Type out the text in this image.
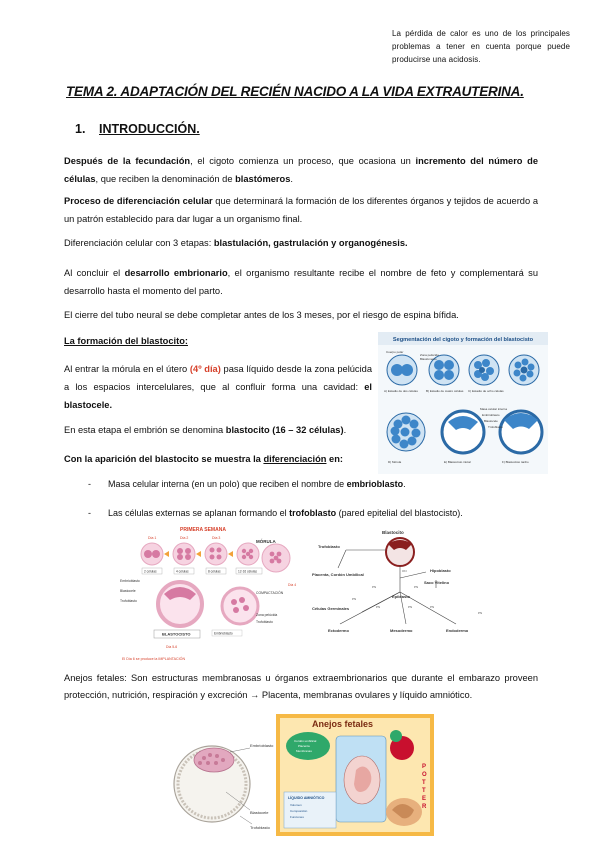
La pérdida de calor es uno de los principales problemas a tener en cuenta porque puede producirse una acidosis.
TEMA 2. ADAPTACIÓN DEL RECIÉN NACIDO A LA VIDA EXTRAUTERINA.
1. INTRODUCCIÓN.
Después de la fecundación, el cigoto comienza un proceso, que ocasiona un incremento del número de células, que reciben la denominación de blastómeros.
Proceso de diferenciación celular que determinará la formación de los diferentes órganos y tejidos de acuerdo a un patrón establecido para dar lugar a un organismo final.
Diferenciación celular con 3 etapas: blastulación, gastrulación y organogénesis.
Al concluir el desarrollo embrionario, el organismo resultante recibe el nombre de feto y complementará su desarrollo hasta el momento del parto.
El cierre del tubo neural se debe completar antes de los 3 meses, por el riesgo de espina bífida.
La formación del blastocito:
Al entrar la mórula en el útero (4º día) pasa líquido desde la zona pelúcida a los espacios intercelulares, que al confluir forma una cavidad: el blastocele.
En esta etapa el embrión se denomina blastocito (16 – 32 células).
Con la aparición del blastocito se muestra la diferenciación en:
- Masa celular interna (en un polo) que reciben el nombre de embrioblasto.
- Las células externas se aplanan formando el trofoblasto (pared epitelial del blastocisto).
Anejos fetales: Son estructuras membranosas u órganos extraembrionarios que durante el embarazo proveen protección, nutrición, respiración y excreción → Placenta, membranas ovulares y líquido amniótico.
Segmentación del cigoto y formación del blastocisto
Cuerpo polar
Zona pelúcida
Blastómeros
A) Estadio de dos células	B) Estadio de cuatro células C) Estadio de ocho células
Masa celular interna
Embrioblasto
Blastocele
Trofoblasto
D) Mórula	E) Blastocisto inicial	F) Blastocisto tardío
PRIMERA SEMANA
Día 1	Día 2	Día 3
MÓRULA
2 células	4 células	8 células	12-16 células
Embrioblasto
Blastocele
Trofoblasto
Día 4
COMPACTACIÓN
Zona pelúcida
Trofoblasto
BLASTOCISTO	Embrioblasto
Día 5-6
El Día 6 se produce la IMPLANTACIÓN
Blastocito
Trofoblasto
Placenta, Cordón Umbilical
Hipoblasto
Saco Vitelino
Epiblasto
Células Germinales
Ectodermo	Mesodermo	Endodermo
ON
PN	PN
PN
PN	PN	PN
PN
Embrioblasto
Blastocele
Trofoblasto
Anejos fetales
Cordón umbilical
Placenta
Membranas
LÍQUIDO AMNIÓTICO
Volumen
Composición
Funciones
P
O
T
T
E
R
